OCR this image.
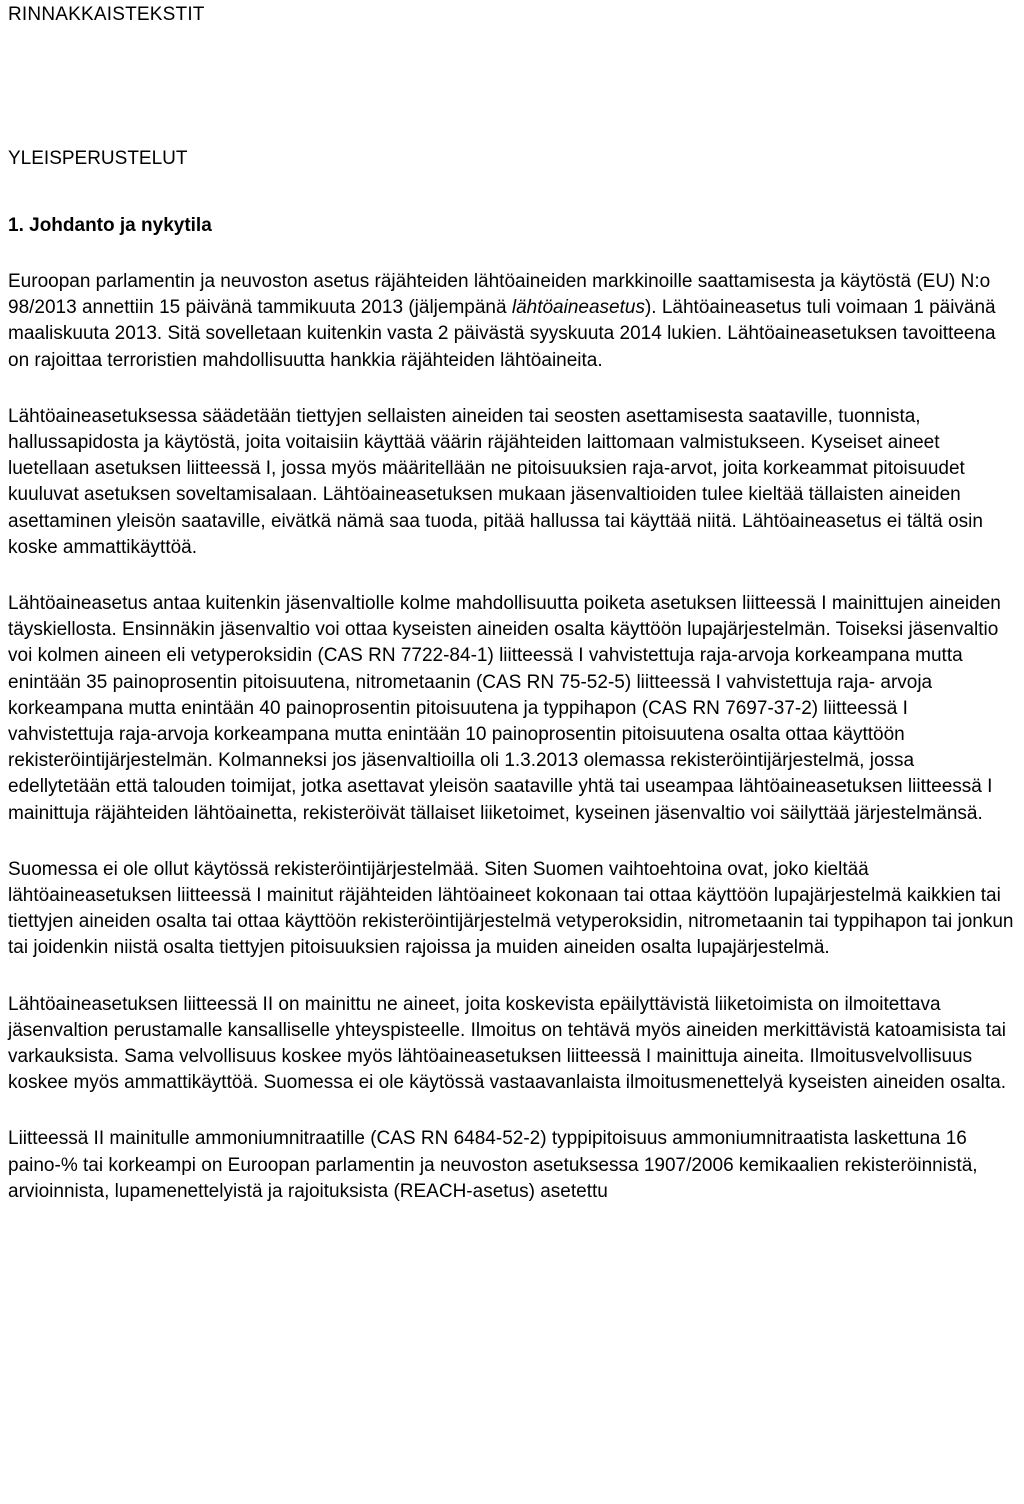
RINNAKKAISTEKSTIT
YLEISPERUSTELUT
1. Johdanto ja nykytila

Euroopan parlamentin ja neuvoston asetus räjähteiden lähtöaineiden markkinoille saattamisesta ja käytöstä (EU) N:o 98/2013 annettiin 15 päivänä tammikuuta 2013 (jäljempänä lähtöaineasetus). Lähtöaineasetus tuli voimaan 1 päivänä maaliskuuta 2013. Sitä sovelletaan kuitenkin vasta 2 päivästä syyskuuta 2014 lukien. Lähtöaineasetuksen tavoitteena on rajoittaa terroristien mahdollisuutta hankkia räjähteiden lähtöaineita.

Lähtöaineasetuksessa säädetään tiettyjen sellaisten aineiden tai seosten asettamisesta saataville, tuonnista, hallussapidosta ja käytöstä, joita voitaisiin käyttää väärin räjähteiden laittomaan valmistukseen. Kyseiset aineet luetellaan asetuksen liitteessä I, jossa myös määritellään ne pitoisuuksien raja-arvot, joita korkeammat pitoisuudet kuuluvat asetuksen soveltamisalaan. Lähtöaineasetuksen mukaan jäsenvaltioiden tulee kieltää tällaisten aineiden asettaminen yleisön saataville, eivätkä nämä saa tuoda, pitää hallussa tai käyttää niitä. Lähtöaineasetus ei tältä osin koske ammattikäyttöä.

Lähtöaineasetus antaa kuitenkin jäsenvaltiolle kolme mahdollisuutta poiketa asetuksen liitteessä I mainittujen aineiden täyskiellosta. Ensinnäkin jäsenvaltio voi ottaa kyseisten aineiden osalta käyttöön lupajärjestelmän. Toiseksi jäsenvaltio voi kolmen aineen eli vetyperoksidin (CAS RN 7722-84-1) liitteessä I vahvistettuja raja-arvoja korkeampana mutta enintään 35 painoprosentin pitoisuutena, nitrometaanin (CAS RN 75-52-5) liitteessä I vahvistettuja raja- arvoja korkeampana mutta enintään 40 painoprosentin pitoisuutena ja typpihapon (CAS RN 7697-37-2) liitteessä I vahvistettuja raja-arvoja korkeampana mutta enintään 10 painoprosentin pitoisuutena osalta ottaa käyttöön rekisteröintijärjestelmän. Kolmanneksi jos jäsenvaltioilla oli 1.3.2013 olemassa rekisteröintijärjestelmä, jossa edellytetään että talouden toimijat, jotka asettavat yleisön saataville yhtä tai useampaa lähtöaineasetuksen liitteessä I mainittuja räjähteiden lähtöainetta, rekisteröivät tällaiset liiketoimet, kyseinen jäsenvaltio voi säilyttää järjestelmänsä.

Suomessa ei ole ollut käytössä rekisteröintijärjestelmää. Siten Suomen vaihtoehtoina ovat, joko kieltää lähtöaineasetuksen liitteessä I mainitut räjähteiden lähtöaineet kokonaan tai ottaa käyttöön lupajärjestelmä kaikkien tai tiettyjen aineiden osalta tai ottaa käyttöön rekisteröintijärjestelmä vetyperoksidin, nitrometaanin tai typpihapon tai jonkun tai joidenkin niistä osalta tiettyjen pitoisuuksien rajoissa ja muiden aineiden osalta lupajärjestelmä.

Lähtöaineasetuksen liitteessä II on mainittu ne aineet, joita koskevista epäilyttävistä liiketoimista on ilmoitettava jäsenvaltion perustamalle kansalliselle yhteyspisteelle. Ilmoitus on tehtävä myös aineiden merkittävistä katoamisista tai varkauksista. Sama velvollisuus koskee myös lähtöaineasetuksen liitteessä I mainittuja aineita. Ilmoitusvelvollisuus koskee myös ammattikäyttöä. Suomessa ei ole käytössä vastaavanlaista ilmoitusmenettelyä kyseisten aineiden osalta.

Liitteessä II mainitulle ammoniumnitraatille (CAS RN 6484-52-2) typpipitoisuus ammoniumnitraatista laskettuna 16 paino-% tai korkeampi on Euroopan parlamentin ja neuvoston asetuksessa 1907/2006 kemikaalien rekisteröinnistä, arvioinnista, lupamenettelyistä ja rajoituksista (REACH-asetus) asetettu
